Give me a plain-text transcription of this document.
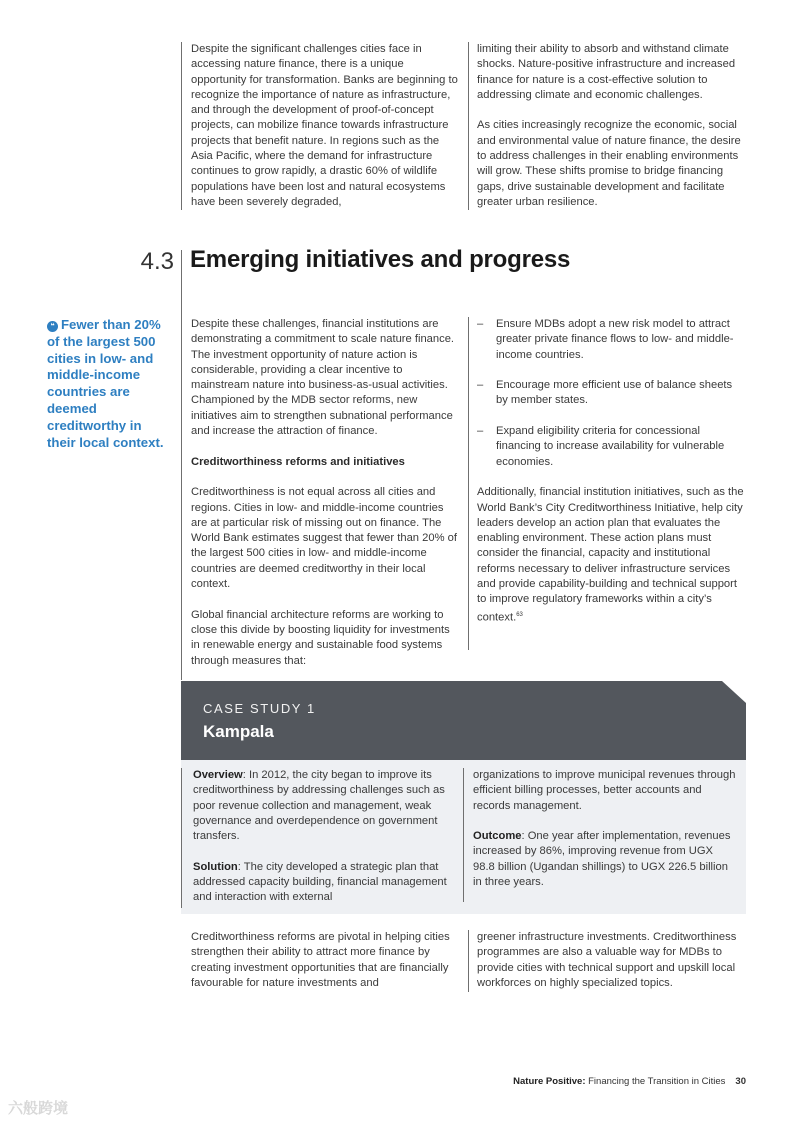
Despite the significant challenges cities face in accessing nature finance, there is a unique opportunity for transformation. Banks are beginning to recognize the importance of nature as infrastructure, and through the development of proof-of-concept projects, can mobilize finance towards infrastructure projects that benefit nature. In regions such as the Asia Pacific, where the demand for infrastructure continues to grow rapidly, a drastic 60% of wildlife populations have been lost and natural ecosystems have been severely degraded,

limiting their ability to absorb and withstand climate shocks. Nature-positive infrastructure and increased finance for nature is a cost-effective solution to addressing climate and economic challenges.

As cities increasingly recognize the economic, social and environmental value of nature finance, the desire to address challenges in their enabling environments will grow. These shifts promise to bridge financing gaps, drive sustainable development and facilitate greater urban resilience.

4.3 Emerging initiatives and progress
❝ Fewer than 20% of the largest 500 cities in low- and middle-income countries are deemed creditworthy in their local context.

Despite these challenges, financial institutions are demonstrating a commitment to scale nature finance. The investment opportunity of nature action is considerable, providing a clear incentive to mainstream nature into business-as-usual activities. Championed by the MDB sector reforms, new initiatives aim to strengthen subnational performance and increase the attraction of finance.

Creditworthiness reforms and initiatives

Creditworthiness is not equal across all cities and regions. Cities in low- and middle-income countries are at particular risk of missing out on finance. The World Bank estimates suggest that fewer than 20% of the largest 500 cities in low- and middle-income countries are deemed creditworthy in their local context.

Global financial architecture reforms are working to close this divide by boosting liquidity for investments in renewable energy and sustainable food systems through measures that:

– Ensure MDBs adopt a new risk model to attract greater private finance flows to low- and middle-income countries.
– Encourage more efficient use of balance sheets by member states.
– Expand eligibility criteria for concessional financing to increase availability for vulnerable economies.

Additionally, financial institution initiatives, such as the World Bank’s City Creditworthiness Initiative, help city leaders develop an action plan that evaluates the enabling environment. These action plans must consider the financial, capacity and institutional reforms necessary to deliver infrastructure services and provide capability-building and technical support to improve regulatory frameworks within a city’s context.$^{63}$

CASE STUDY 1
Kampala

Overview: In 2012, the city began to improve its creditworthiness by addressing challenges such as poor revenue collection and management, weak governance and overdependence on government transfers.

Solution: The city developed a strategic plan that addressed capacity building, financial management and interaction with external

organizations to improve municipal revenues through efficient billing processes, better accounts and records management.

Outcome: One year after implementation, revenues increased by 86%, improving revenue from UGX 98.8 billion (Ugandan shillings) to UGX 226.5 billion in three years.

Creditworthiness reforms are pivotal in helping cities strengthen their ability to attract more finance by creating investment opportunities that are financially favourable for nature investments and

greener infrastructure investments. Creditworthiness programmes are also a valuable way for MDBs to provide cities with technical support and upskill local workforces on highly specialized topics.

Nature Positive: Financing the Transition in Cities 30
六般跨境
